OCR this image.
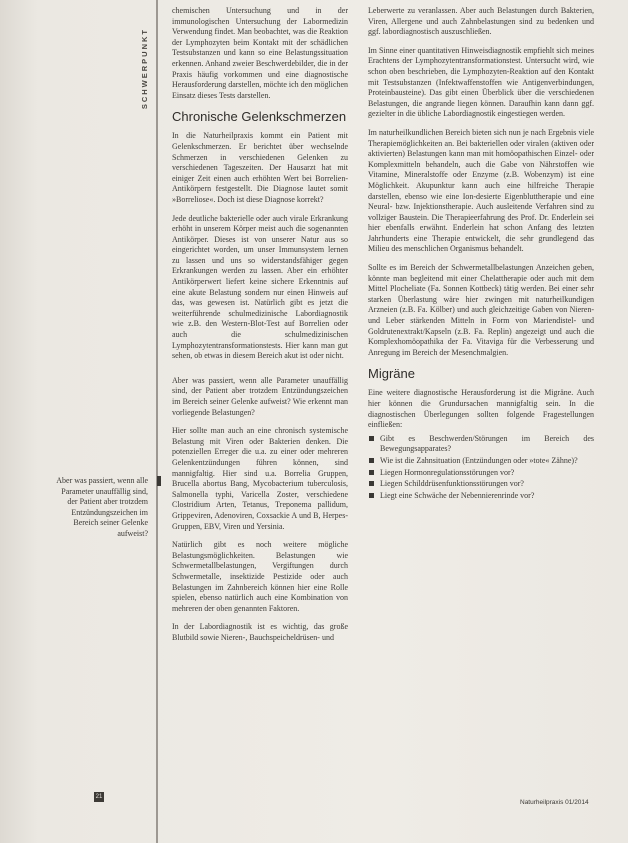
SCHWERPUNKT

chemischen Untersuchung und in der immunologischen Untersuchung der Labormedizin Verwendung findet. Man beobachtet, was die Reaktion der Lymphozyten beim Kontakt mit der schädlichen Testsubstanzen und kann so eine Belastungssituation erkennen. Anhand zweier Beschwerdebilder, die in der Praxis häufig vorkommen und eine diagnostische Herausforderung darstellen, möchte ich den möglichen Einsatz dieses Tests darstellen.

Chronische Gelenkschmerzen

In die Naturheilpraxis kommt ein Patient mit Gelenkschmerzen. Er berichtet über wechselnde Schmerzen in verschiedenen Gelenken zu verschiedenen Tageszeiten. Der Hausarzt hat mit einiger Zeit einen auch erhöhten Wert bei Borrelien-Antikörpern festgestellt. Die Diagnose lautet somit »Borreliose«. Doch ist diese Diagnose korrekt?

Jede deutliche bakterielle oder auch virale Erkrankung erhöht in unserem Körper meist auch die sogenannten Antikörper. Dieses ist von unserer Natur aus so eingerichtet worden, um unser Immunsystem lernen zu lassen und uns so widerstandsfähiger gegen Erkrankungen werden zu lassen. Aber ein erhöhter Antikörperwert liefert keine sichere Erkenntnis auf eine akute Belastung sondern nur einen Hinweis auf das, was gewesen ist. Natürlich gibt es jetzt die weiterführende schulmedizinische Labordiagnostik wie z.B. den Western-Blot-Test auf Borrelien oder auch die schulmedizinischen Lymphozytentransformationstests. Hier kann man gut sehen, ob etwas in diesem Bereich akut ist oder nicht.

Aber was passiert, wenn alle Parameter unauffällig sind, der Patient aber trotzdem Entzündungszeichen im Bereich seiner Gelenke aufweist? Wie erkennt man vorliegende Belastungen?

Hier sollte man auch an eine chronisch systemische Belastung mit Viren oder Bakterien denken. Die potenziellen Erreger die u.a. zu einer oder mehreren Gelenkentzündungen führen können, sind mannigfaltig. Hier sind u.a. Borrelia Gruppen, Brucella abortus Bang, Mycobacterium tuberculosis, Salmonella typhi, Varicella Zoster, verschiedene Clostridium Arten, Tetanus, Treponema pallidum, Grippeviren, Adenoviren, Coxsackie A und B, Herpes-Gruppen, EBV, Viren und Yersinia.

Natürlich gibt es noch weitere mögliche Belastungsmöglichkeiten. Belastungen wie Schwermetallbelastungen, Vergiftungen durch Schwermetalle, insektizide Pestizide oder auch Belastungen im Zahnbereich können hier eine Rolle spielen, ebenso natürlich auch eine Kombination von mehreren der oben genannten Faktoren.

In der Labordiagnostik ist es wichtig, das große Blutbild sowie Nieren-, Bauchspeicheldrüsen- und

Aber was passiert, wenn alle Parameter unauffällig sind, der Patient aber trotzdem Entzündungszeichen im Bereich seiner Gelenke aufweist?

Leberwerte zu veranlassen. Aber auch Belastungen durch Bakterien, Viren, Allergene und auch Zahnbelastungen sind zu bedenken und ggf. labordiagnostisch auszuschließen.

Im Sinne einer quantitativen Hinweisdiagnostik empfiehlt sich meines Erachtens der Lymphozytentransformationstest. Untersucht wird, wie schon oben beschrieben, die Lymphozyten-Reaktion auf den Kontakt mit Testsubstanzen (Infektwaffenstoffen wie Antigenverbindungen, Proteinbausteine). Das gibt einen Überblick über die verschiedenen Belastungen, die angrande liegen können. Daraufhin kann dann ggf. gezielter in die übliche Labordiagnostik eingestiegen werden.

Im naturheilkundlichen Bereich bieten sich nun je nach Ergebnis viele Therapiemöglichkeiten an. Bei bakteriellen oder viralen (aktiven oder aktivierten) Belastungen kann man mit homöopathischen Einzel- oder Komplexmitteln behandeln, auch die Gabe von Nährstoffen wie Vitamine, Mineralstoffe oder Enzyme (z.B. Wobenzym) ist eine Möglichkeit. Akupunktur kann auch eine hilfreiche Therapie darstellen, ebenso wie eine Ion-desierte Eigenbluttherapie und eine Neural- bzw. Injektionstherapie. Auch ausleitende Verfahren sind zu vollziger Baustein. Die Therapieerfahrung des Prof. Dr. Enderlein sei hier ebenfalls erwähnt. Enderlein hat schon Anfang des letzten Jahrhunderts eine Therapie entwickelt, die sehr grundlegend das Milieu des menschlichen Organismus behandelt.

Sollte es im Bereich der Schwermetallbelastungen Anzeichen geben, könnte man begleitend mit einer Chelattherapie oder auch mit dem Mittel Plocheliate (Fa. Sonnen Kottbeck) tätig werden. Bei einer sehr starken Überlastung wäre hier zwingen mit naturheilkundigen Arzneien (z.B. Fa. Kölber) und auch gleichzeitige Gaben von Nieren- und Leber stärkenden Mitteln in Form von Mariendistel- und Goldrutenextrakt/Kapseln (z.B. Fa. Replin) angezeigt und auch die Komplexhomöopathika der Fa. Vitaviga für die Verbesserung und Anregung im Bereich der Mesenchmalgien.

Migräne

Eine weitere diagnostische Herausforderung ist die Migräne. Auch hier können die Grundursachen mannigfaltig sein. In die diagnostischen Überlegungen sollten folgende Fragestellungen einfließen:

Gibt es Beschwerden/Störungen im Bereich des Bewegungsapparates?
Wie ist die Zahnsituation (Entzündungen oder »tote« Zähne)?
Liegen Hormonregulationsstörungen vor?
Liegen Schilddrüsenfunktionsstörungen vor?
Liegt eine Schwäche der Nebennierenrinde vor?
21
Naturheilpraxis 01/2014
